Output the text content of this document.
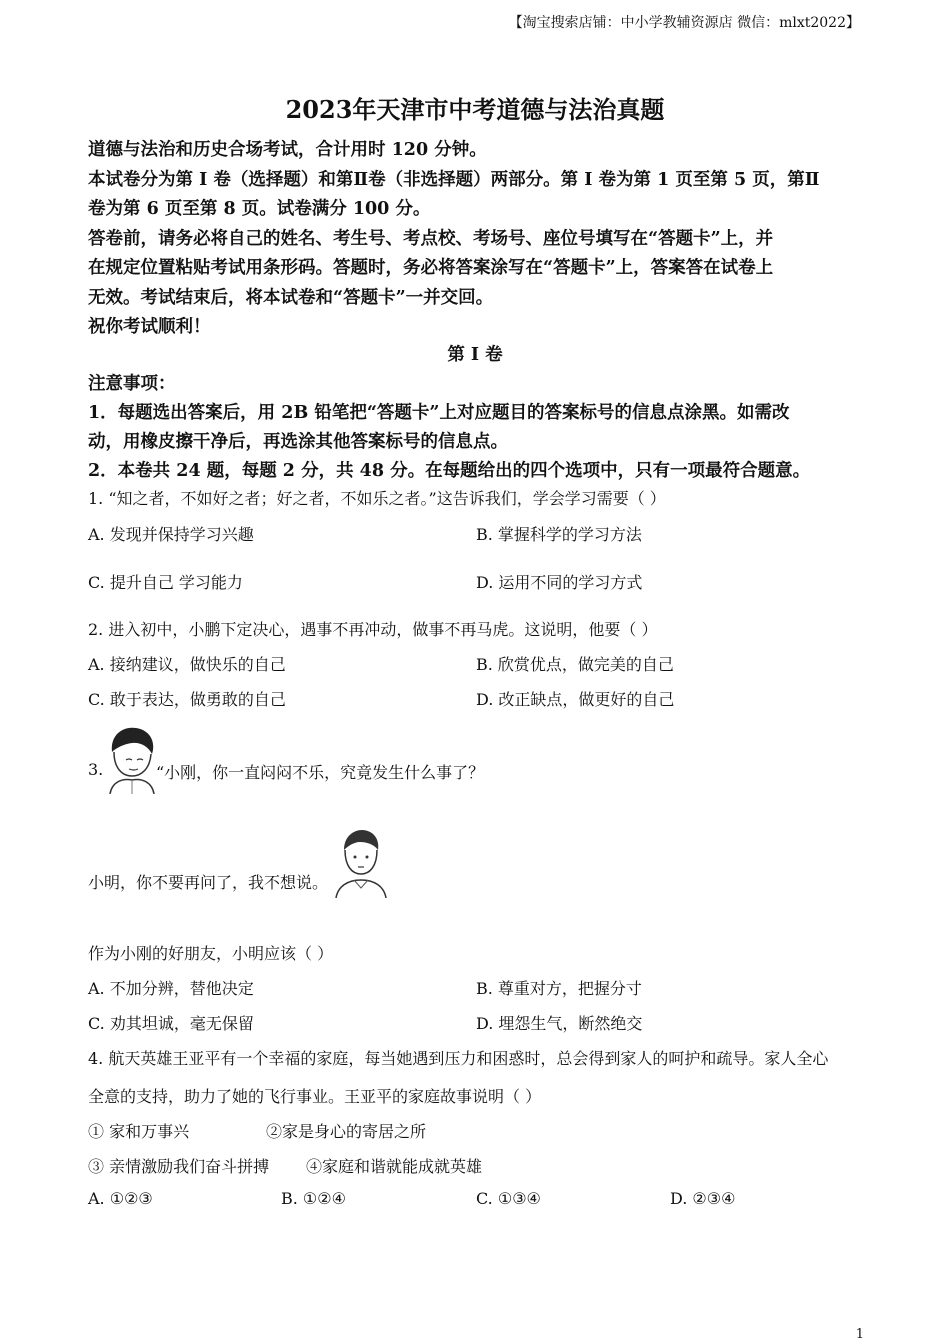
【淘宝搜索店铺：中小学教辅资源店 微信：mlxt2022】
2023年天津市中考道德与法治真题
道德与法治和历史合场考试，合计用时 120 分钟。
本试卷分为第 I 卷（选择题）和第Ⅱ卷（非选择题）两部分。第 I 卷为第 1 页至第 5 页，第Ⅱ
卷为第 6 页至第 8 页。试卷满分 100 分。
答卷前，请务必将自己的姓名、考生号、考点校、考场号、座位号填写在“答题卡”上，并
在规定位置粘贴考试用条形码。答题时，务必将答案涂写在“答题卡”上，答案答在试卷上
无效。考试结束后，将本试卷和“答题卡”一并交回。
祝你考试顺利！
第 I 卷
注意事项：
1．每题选出答案后，用 2B 铅笔把“答题卡”上对应题目的答案标号的信息点涂黑。如需改
动，用橡皮擦干净后，再选涂其他答案标号的信息点。
2．本卷共 24 题，每题 2 分，共 48 分。在每题给出的四个选项中，只有一项最符合题意。
1. “知之者，不如好之者；好之者，不如乐之者。”这告诉我们，学会学习需要（ ）
A. 发现并保持学习兴趣	B. 掌握科学的学习方法
C. 提升自己 学习能力	D. 运用不同的学习方式
2. 进入初中，小鹏下定决心，遇事不再冲动，做事不再马虎。这说明，他要（ ）
A. 接纳建议，做快乐的自己	B. 欣赏优点，做完美的自己
C. 敢于表达，做勇敢的自己	D. 改正缺点，做更好的自己
3.	“小刚，你一直闷闷不乐，究竟发生什么事了？
小明，你不要再问了，我不想说。
作为小刚的好朋友，小明应该（ ）
A. 不加分辨，替他决定	B. 尊重对方，把握分寸
C. 劝其坦诚，毫无保留	D. 埋怨生气，断然绝交
4. 航天英雄王亚平有一个幸福的家庭，每当她遇到压力和困惑时，总会得到家人的呵护和疏导。家人全心
全意的支持，助力了她的飞行事业。王亚平的家庭故事说明（ ）
① 家和万事兴	②家是身心的寄居之所
③ 亲情激励我们奋斗拼搏 ④家庭和谐就能成就英雄
A. ①②③	B. ①②④	C. ①③④	D. ②③④
1
